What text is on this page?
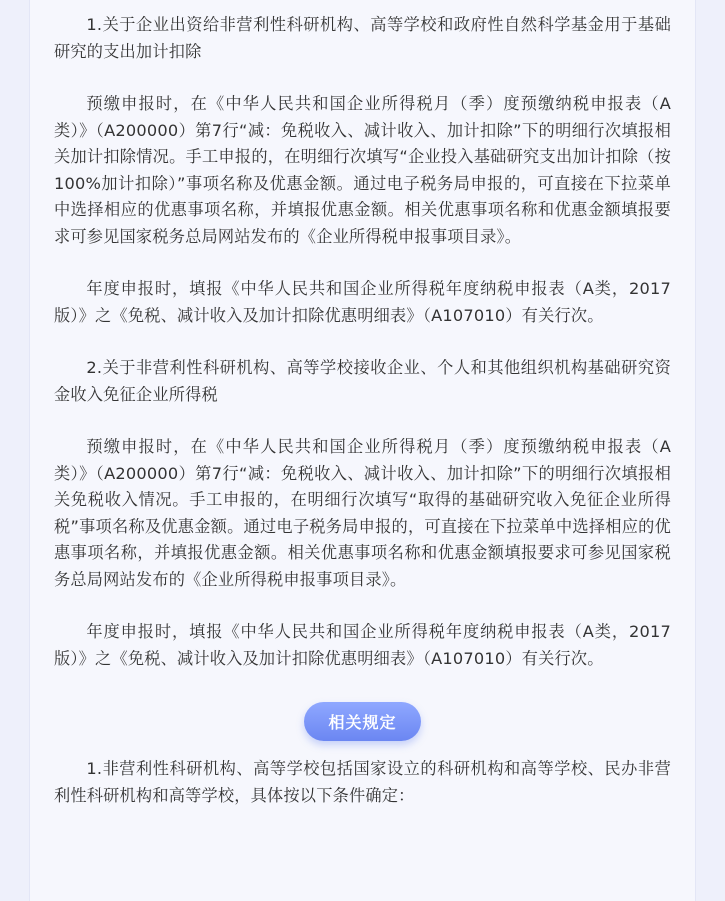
1.关于企业出资给非营利性科研机构、高等学校和政府性自然科学基金用于基础研究的支出加计扣除

预缴申报时，在《中华人民共和国企业所得税月（季）度预缴纳税申报表（A类）》（A200000）第7行“减：免税收入、减计收入、加计扣除”下的明细行次填报相关加计扣除情况。手工申报的，在明细行次填写“企业投入基础研究支出加计扣除（按100%加计扣除）”事项名称及优惠金额。通过电子税务局申报的，可直接在下拉菜单中选择相应的优惠事项名称，并填报优惠金额。相关优惠事项名称和优惠金额填报要求可参见国家税务总局网站发布的《企业所得税申报事项目录》。

年度申报时，填报《中华人民共和国企业所得税年度纳税申报表（A类，2017版）》之《免税、减计收入及加计扣除优惠明细表》（A107010）有关行次。

2.关于非营利性科研机构、高等学校接收企业、个人和其他组织机构基础研究资金收入免征企业所得税

预缴申报时，在《中华人民共和国企业所得税月（季）度预缴纳税申报表（A类）》（A200000）第7行“减：免税收入、减计收入、加计扣除”下的明细行次填报相关免税收入情况。手工申报的，在明细行次填写“取得的基础研究收入免征企业所得税”事项名称及优惠金额。通过电子税务局申报的，可直接在下拉菜单中选择相应的优惠事项名称，并填报优惠金额。相关优惠事项名称和优惠金额填报要求可参见国家税务总局网站发布的《企业所得税申报事项目录》。

年度申报时，填报《中华人民共和国企业所得税年度纳税申报表（A类，2017版）》之《免税、减计收入及加计扣除优惠明细表》（A107010）有关行次。

相关规定

1.非营利性科研机构、高等学校包括国家设立的科研机构和高等学校、民办非营利性科研机构和高等学校，具体按以下条件确定：
